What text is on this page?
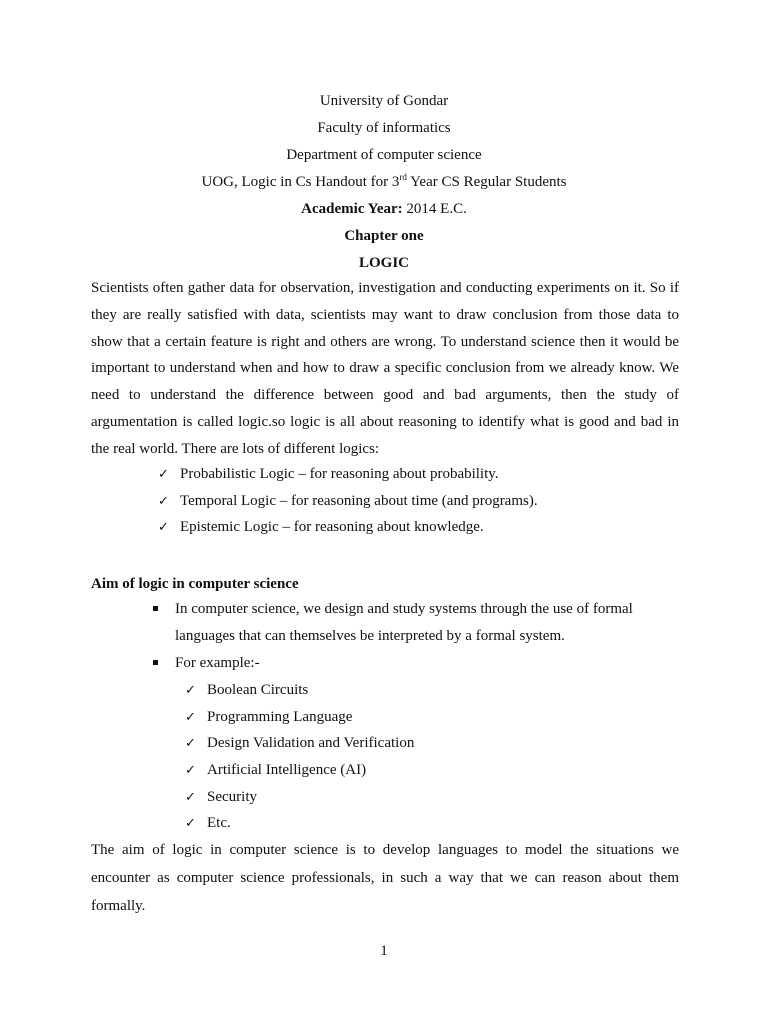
University of Gondar
Faculty of informatics
Department of computer science
UOG, Logic in Cs Handout for 3rd Year CS Regular Students
Academic Year: 2014 E.C.
Chapter one
LOGIC

Scientists often gather data for observation, investigation and conducting experiments on it. So if they are really satisfied with data, scientists may want to draw conclusion from those data to show that a certain feature is right and others are wrong. To understand science then it would be important to understand when and how to draw a specific conclusion from we already know. We need to understand the difference between good and bad arguments, then the study of argumentation is called logic.so logic is all about reasoning to identify what is good and bad in the real world. There are lots of different logics:

✓ Probabilistic Logic – for reasoning about probability.
✓ Temporal Logic – for reasoning about time (and programs).
✓ Epistemic Logic – for reasoning about knowledge.

Aim of logic in computer science

In computer science, we design and study systems through the use of formal languages that can themselves be interpreted by a formal system.
For example:-
✓ Boolean Circuits
✓ Programming Language
✓ Design Validation and Verification
✓ Artificial Intelligence (AI)
✓ Security
✓ Etc.

The aim of logic in computer science is to develop languages to model the situations we encounter as computer science professionals, in such a way that we can reason about them formally.

1
